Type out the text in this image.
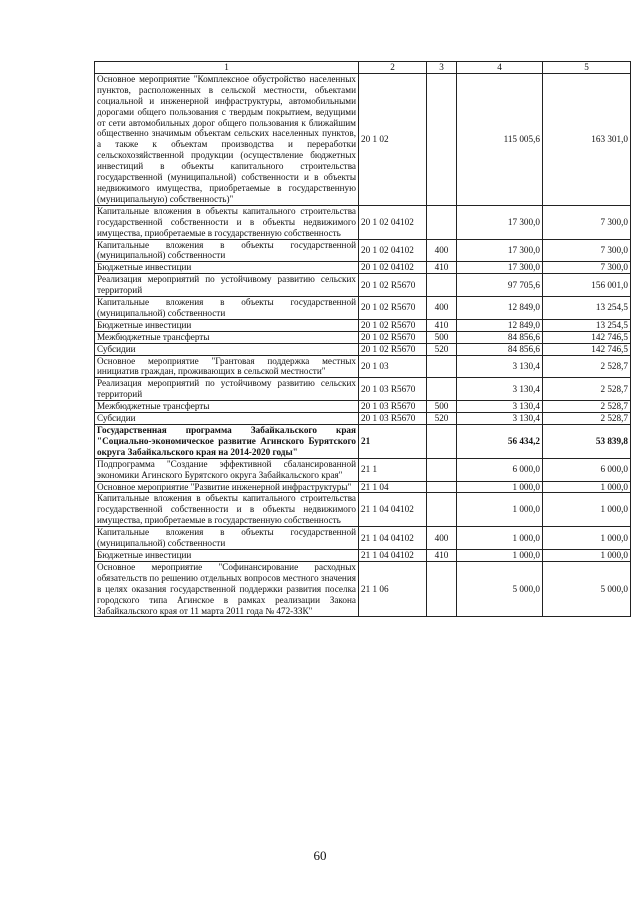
1	2	3	4	5
Основное мероприятие "Комплексное обустройство населенных пунктов, расположенных в сельской местности, объектами социальной и инженерной инфраструктуры, автомобильными дорогами общего пользования с твердым покрытием, ведущими от сети автомобильных дорог общего пользования к ближайшим общественно значимым объектам сельских населенных пунктов, а также к объектам производства и переработки сельскохозяйственной продукции (осуществление бюджетных инвестиций в объекты капитального строительства государственной (муниципальной) собственности и в объекты недвижимого имущества, приобретаемые в государственную (муниципальную) собственность)"	20 1 02		115 005,6	163 301,0
Капитальные вложения в объекты капитального строительства государственной собственности и в объекты недвижимого имущества, приобретаемые в государственную собственность	20 1 02 04102		17 300,0	7 300,0
Капитальные вложения в объекты государственной (муниципальной) собственности	20 1 02 04102	400	17 300,0	7 300,0
Бюджетные инвестиции	20 1 02 04102	410	17 300,0	7 300,0
Реализация мероприятий по устойчивому развитию сельских территорий	20 1 02 R5670		97 705,6	156 001,0
Капитальные вложения в объекты государственной (муниципальной) собственности	20 1 02 R5670	400	12 849,0	13 254,5
Бюджетные инвестиции	20 1 02 R5670	410	12 849,0	13 254,5
Межбюджетные трансферты	20 1 02 R5670	500	84 856,6	142 746,5
Субсидии	20 1 02 R5670	520	84 856,6	142 746,5
Основное мероприятие "Грантовая поддержка местных инициатив граждан, проживающих в сельской местности"	20 1 03		3 130,4	2 528,7
Реализация мероприятий по устойчивому развитию сельских территорий	20 1 03 R5670		3 130,4	2 528,7
Межбюджетные трансферты	20 1 03 R5670	500	3 130,4	2 528,7
Субсидии	20 1 03 R5670	520	3 130,4	2 528,7
Государственная программа Забайкальского края "Социально-экономическое развитие Агинского Бурятского округа Забайкальского края на 2014-2020 годы"	21		56 434,2	53 839,8
Подпрограмма "Создание эффективной сбалансированной экономики Агинского Бурятского округа Забайкальского края"	21 1		6 000,0	6 000,0
Основное мероприятие "Развитие инженерной инфраструктуры"	21 1 04		1 000,0	1 000,0
Капитальные вложения в объекты капитального строительства государственной собственности и в объекты недвижимого имущества, приобретаемые в государственную собственность	21 1 04 04102		1 000,0	1 000,0
Капитальные вложения в объекты государственной (муниципальной) собственности	21 1 04 04102	400	1 000,0	1 000,0
Бюджетные инвестиции	21 1 04 04102	410	1 000,0	1 000,0
Основное мероприятие "Софинансирование расходных обязательств по решению отдельных вопросов местного значения в целях оказания государственной поддержки развития поселка городского типа Агинское в рамках реализации Закона Забайкальского края от 11 марта 2011 года № 472-ЗЗК"	21 1 06		5 000,0	5 000,0
60
